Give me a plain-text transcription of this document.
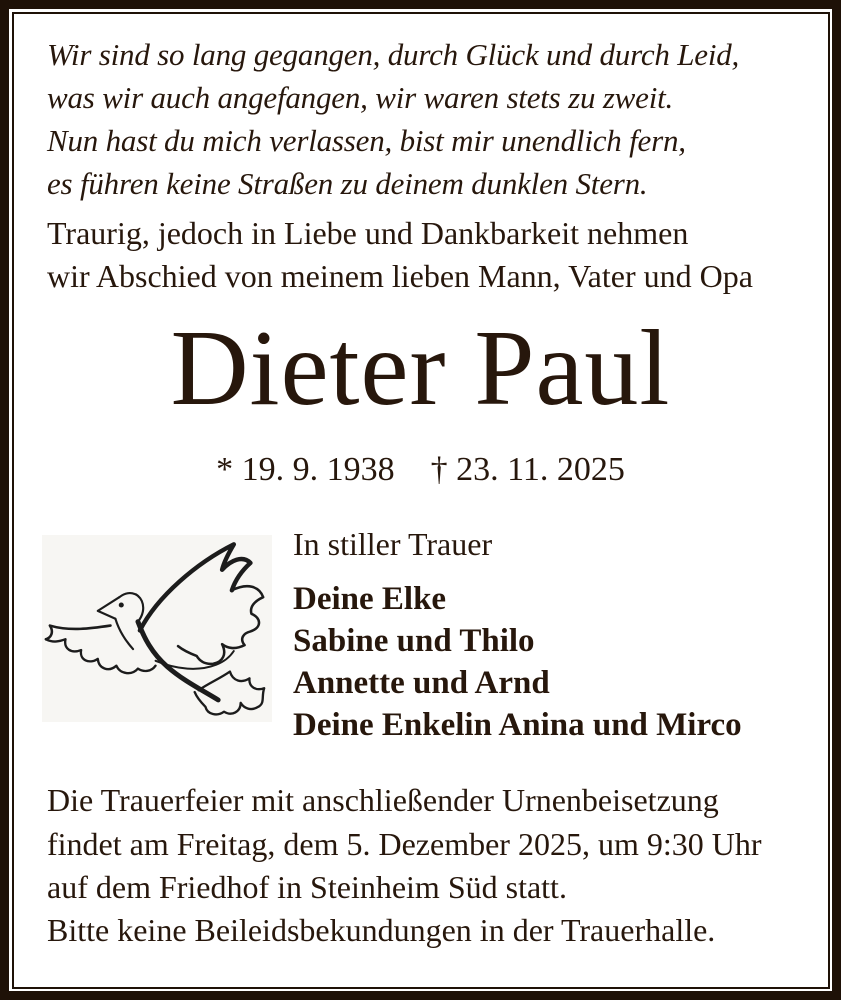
Wir sind so lang gegangen, durch Glück und durch Leid,
was wir auch angefangen, wir waren stets zu zweit.
Nun hast du mich verlassen, bist mir unendlich fern,
es führen keine Straßen zu deinem dunklen Stern.
Traurig, jedoch in Liebe und Dankbarkeit nehmen
wir Abschied von meinem lieben Mann, Vater und Opa
Dieter Paul
* 19. 9. 1938 † 23. 11. 2025
In stiller Trauer
Deine Elke
Sabine und Thilo
Annette und Arnd
Deine Enkelin Anina und Mirco
Die Trauerfeier mit anschließender Urnenbeisetzung
findet am Freitag, dem 5. Dezember 2025, um 9:30 Uhr
auf dem Friedhof in Steinheim Süd statt.
Bitte keine Beileidsbekundungen in der Trauerhalle.
